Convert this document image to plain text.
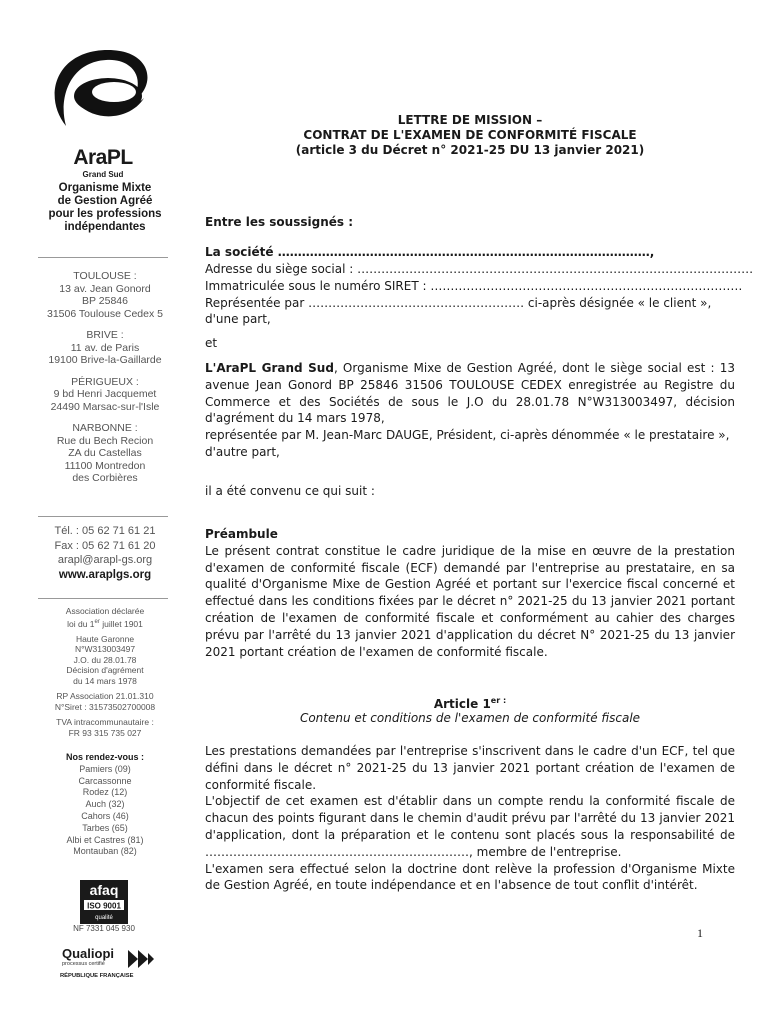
AraPL
Grand Sud
Organisme Mixte
de Gestion Agréé
pour les professions
indépendantes
TOULOUSE :
13 av. Jean Gonord
BP 25846
31506 Toulouse Cedex 5
BRIVE :
11 av. de Paris
19100 Brive-la-Gaillarde
PÉRIGUEUX :
9 bd Henri Jacquemet
24490 Marsac-sur-l'Isle
NARBONNE :
Rue du Bech Recion
ZA du Castellas
11100 Montredon
des Corbières
Tél. : 05 62 71 61 21
Fax : 05 62 71 61 20
arapl@arapl-gs.org
www.araplgs.org
Association déclarée
loi du 1er juillet 1901
Haute Garonne
N°W313003497
J.O. du 28.01.78
Décision d'agrément
du 14 mars 1978
RP Association 21.01.310
N°Siret : 31573502700008
TVA intracommunautaire :
FR 93 315 735 027
Nos rendez-vous :
Pamiers (09)
Carcassonne
Rodez (12)
Auch (32)
Cahors (46)
Tarbes (65)
Albi et Castres (81)
Montauban (82)
afaq
ISO 9001
qualité
NF 7331 045 930
Qualiopi
processus certifié
RÉPUBLIQUE FRANÇAISE
LETTRE DE MISSION –
CONTRAT DE L'EXAMEN DE CONFORMITÉ FISCALE
(article 3 du Décret n° 2021-25 DU 13 janvier 2021)
Entre les soussignés :
La société …………………………………………………………………………………,
Adresse du siège social : ………………………………………………………………………………………
Immatriculée sous le numéro SIRET : ……………………………………………………………………
Représentée par ……………………………………………… ci-après désignée « le client »,
d'une part,
et
L'AraPL Grand Sud, Organisme Mixe de Gestion Agréé, dont le siège social est : 13 avenue Jean Gonord BP 25846 31506 TOULOUSE CEDEX enregistrée au Registre du Commerce et des Sociétés de sous le J.O du 28.01.78 N°W313003497, décision d'agrément du 14 mars 1978,
représentée par M. Jean-Marc DAUGE, Président, ci-après dénommée « le prestataire »,
d'autre part,
il a été convenu ce qui suit :
Préambule
Le présent contrat constitue le cadre juridique de la mise en œuvre de la prestation d'examen de conformité fiscale (ECF) demandé par l'entreprise au prestataire, en sa qualité d'Organisme Mixe de Gestion Agréé et portant sur l'exercice fiscal concerné et effectué dans les conditions fixées par le décret n° 2021-25 du 13 janvier 2021 portant création de l'examen de conformité fiscale et conformément au cahier des charges prévu par l'arrêté du 13 janvier 2021 d'application du décret N° 2021-25 du 13 janvier 2021 portant création de l'examen de conformité fiscale.
Article $1^{er :}$
Contenu et conditions de l'examen de conformité fiscale
Les prestations demandées par l'entreprise s'inscrivent dans le cadre d'un ECF, tel que défini dans le décret n° 2021-25 du 13 janvier 2021 portant création de l'examen de conformité fiscale.
L'objectif de cet examen est d'établir dans un compte rendu la conformité fiscale de chacun des points figurant dans le chemin d'audit prévu par l'arrêté du 13 janvier 2021 d'application, dont la préparation et le contenu sont placés sous la responsabilité de …………………………………………………………, membre de l'entreprise.
L'examen sera effectué selon la doctrine dont relève la profession d'Organisme Mixte de Gestion Agréé, en toute indépendance et en l'absence de tout conflit d'intérêt.
1
